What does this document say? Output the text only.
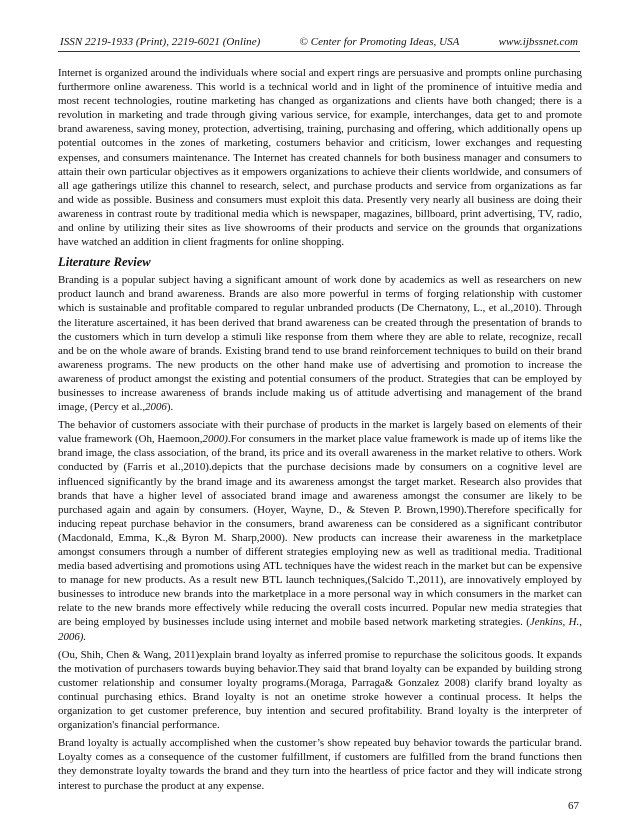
ISSN 2219-1933 (Print), 2219-6021 (Online)	© Center for Promoting Ideas, USA	www.ijbssnet.com

Internet is organized around the individuals where social and expert rings are persuasive and prompts online purchasing furthermore online awareness. This world is a technical world and in light of the prominence of intuitive media and most recent technologies, routine marketing has changed as organizations and clients have both changed; there is a revolution in marketing and trade through giving various service, for example, interchanges, data get to and promote brand awareness, saving money, protection, advertising, training, purchasing and offering, which additionally opens up potential outcomes in the zones of marketing, costumers behavior and criticism, lower exchanges and requesting expenses, and consumers maintenance. The Internet has created channels for both business manager and consumers to attain their own particular objectives as it empowers organizations to achieve their clients worldwide, and consumers of all age gatherings utilize this channel to research, select, and purchase products and service from organizations as far and wide as possible. Business and consumers must exploit this data. Presently very nearly all business are doing their awareness in contrast route by traditional media which is newspaper, magazines, billboard, print advertising, TV, radio, and online by utilizing their sites as live showrooms of their products and service on the grounds that organizations have watched an addition in client fragments for online shopping.

Literature Review

Branding is a popular subject having a significant amount of work done by academics as well as researchers on new product launch and brand awareness. Brands are also more powerful in terms of forging relationship with customer which is sustainable and profitable compared to regular unbranded products (De Chernatony, L., et al.,2010). Through the literature ascertained, it has been derived that brand awareness can be created through the presentation of brands to the customers which in turn develop a stimuli like response from them where they are able to relate, recognize, recall and be on the whole aware of brands. Existing brand tend to use brand reinforcement techniques to build on their brand awareness programs. The new products on the other hand make use of advertising and promotion to increase the awareness of product amongst the existing and potential consumers of the product. Strategies that can be employed by businesses to increase awareness of brands include making us of attitude advertising and management of the brand image, (Percy et al.,2006).

The behavior of customers associate with their purchase of products in the market is largely based on elements of their value framework (Oh, Haemoon,2000).For consumers in the market place value framework is made up of items like the brand image, the class association, of the brand, its price and its overall awareness in the market relative to others. Work conducted by (Farris et al.,2010).depicts that the purchase decisions made by consumers on a cognitive level are influenced significantly by the brand image and its awareness amongst the target market. Research also provides that brands that have a higher level of associated brand image and awareness amongst the consumer are likely to be purchased again and again by consumers. (Hoyer, Wayne, D., & Steven P. Brown,1990).Therefore specifically for inducing repeat purchase behavior in the consumers, brand awareness can be considered as a significant contributor (Macdonald, Emma, K.,& Byron M. Sharp,2000). New products can increase their awareness in the marketplace amongst consumers through a number of different strategies employing new as well as traditional media. Traditional media based advertising and promotions using ATL techniques have the widest reach in the market but can be expensive to manage for new products. As a result new BTL launch techniques,(Salcido T.,2011), are innovatively employed by businesses to introduce new brands into the marketplace in a more personal way in which consumers in the market can relate to the new brands more effectively while reducing the overall costs incurred. Popular new media strategies that are being employed by businesses include using internet and mobile based network marketing strategies. (Jenkins, H., 2006).

(Ou, Shih, Chen & Wang, 2011)explain brand loyalty as inferred promise to repurchase the solicitous goods. It expands the motivation of purchasers towards buying behavior.They said that brand loyalty can be expanded by building strong customer relationship and consumer loyalty programs.(Moraga, Parraga& Gonzalez 2008) clarify brand loyalty as continual purchasing ethics. Brand loyalty is not an onetime stroke however a continual process. It helps the organization to get customer preference, buy intention and secured profitability. Brand loyalty is the interpreter of organization's financial performance.

Brand loyalty is actually accomplished when the customer’s show repeated buy behavior towards the particular brand. Loyalty comes as a consequence of the customer fulfillment, if customers are fulfilled from the brand functions then they demonstrate loyalty towards the brand and they turn into the heartless of price factor and they will indicate strong interest to purchase the product at any expense.

67
